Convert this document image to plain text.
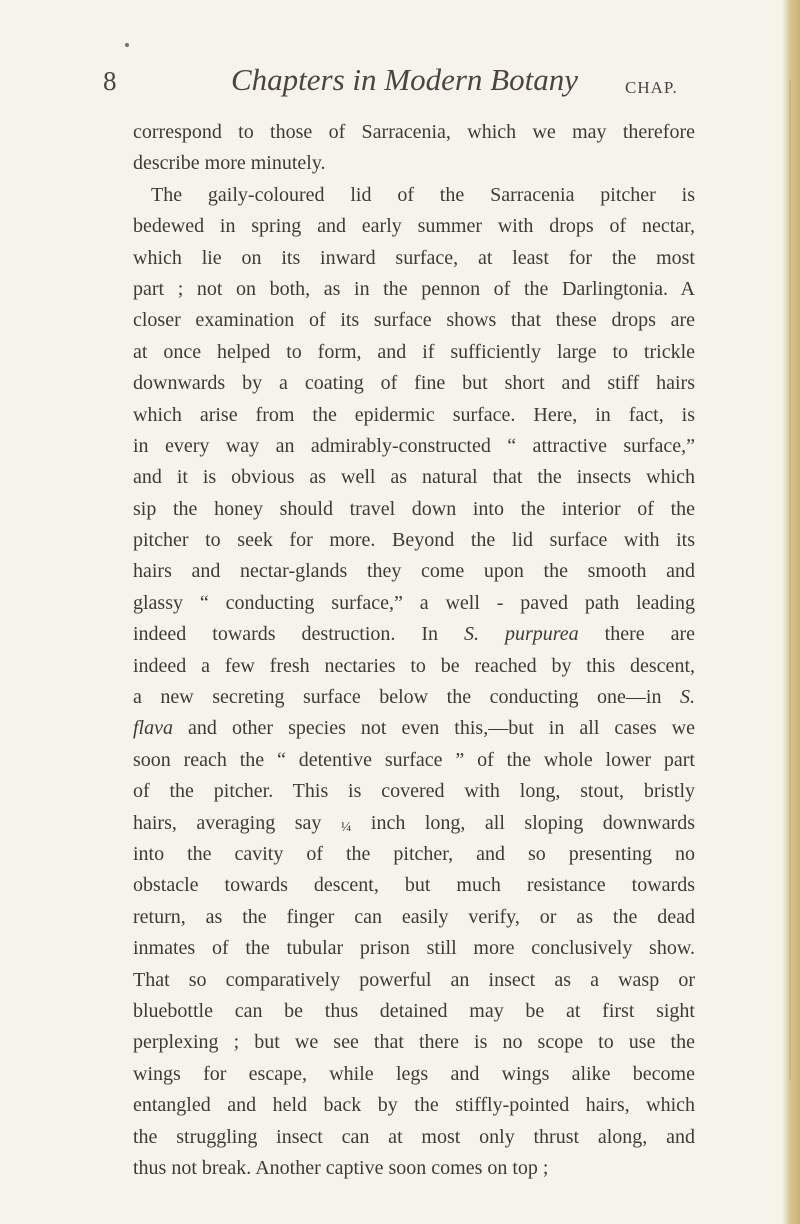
8	Chapters in Modern Botany	CHAP.
correspond to those of Sarracenia, which we may therefore
describe more minutely.
The gaily-coloured lid of the Sarracenia pitcher is
bedewed in spring and early summer with drops of nectar,
which lie on its inward surface, at least for the most
part ; not on both, as in the pennon of the Darlingtonia. A
closer examination of its surface shows that these drops are
at once helped to form, and if sufficiently large to trickle
downwards by a coating of fine but short and stiff hairs
which arise from the epidermic surface. Here, in fact, is
in every way an admirably-constructed “ attractive surface,”
and it is obvious as well as natural that the insects which
sip the honey should travel down into the interior of the
pitcher to seek for more. Beyond the lid surface with its
hairs and nectar-glands they come upon the smooth and
glassy “ conducting surface,” a well - paved path leading
indeed towards destruction. In S. purpurea there are
indeed a few fresh nectaries to be reached by this descent,
a new secreting surface below the conducting one—in S.
flava and other species not even this,—but in all cases we
soon reach the “ detentive surface ” of the whole lower part
of the pitcher. This is covered with long, stout, bristly
hairs, averaging say ¼ inch long, all sloping downwards
into the cavity of the pitcher, and so presenting no
obstacle towards descent, but much resistance towards
return, as the finger can easily verify, or as the dead
inmates of the tubular prison still more conclusively show.
That so comparatively powerful an insect as a wasp or
bluebottle can be thus detained may be at first sight
perplexing ; but we see that there is no scope to use the
wings for escape, while legs and wings alike become
entangled and held back by the stiffly-pointed hairs, which
the struggling insect can at most only thrust along, and
thus not break. Another captive soon comes on top ;
